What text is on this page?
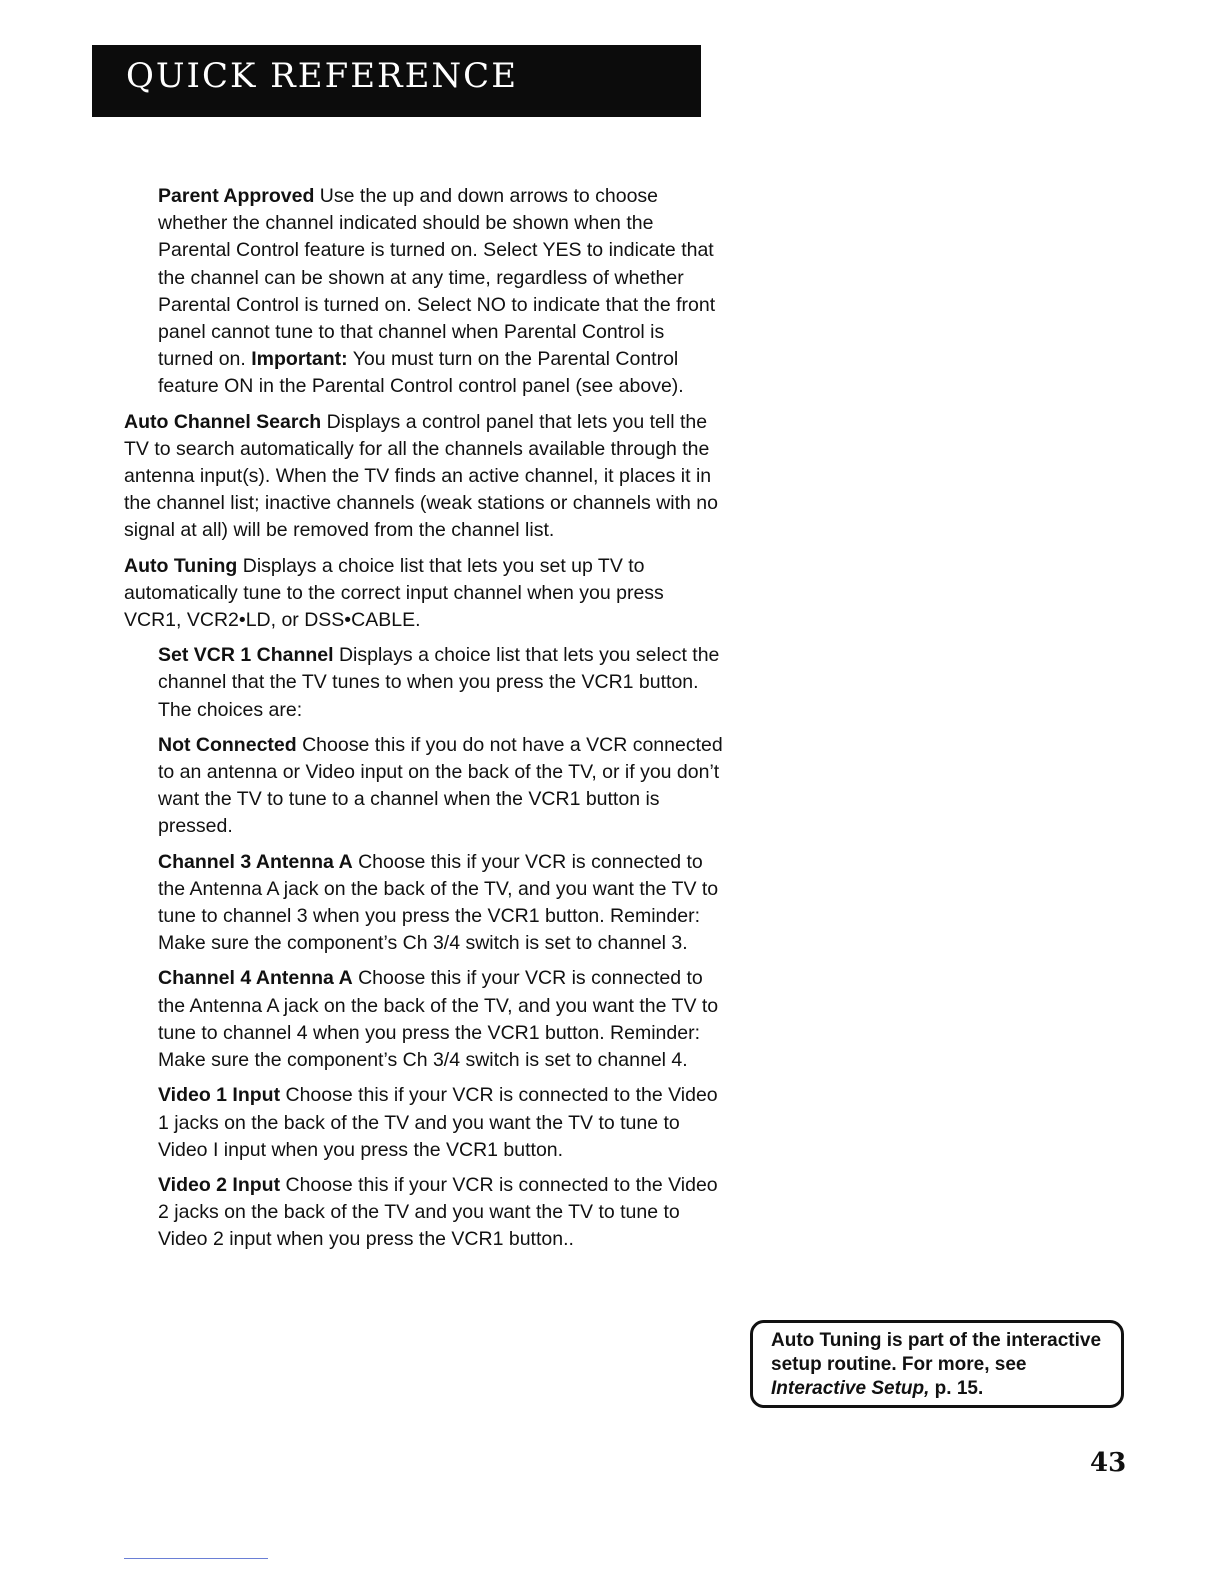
QUICK REFERENCE

Parent Approved Use the up and down arrows to choose whether the channel indicated should be shown when the Parental Control feature is turned on. Select YES to indicate that the channel can be shown at any time, regardless of whether Parental Control is turned on. Select NO to indicate that the front panel cannot tune to that channel when Parental Control is turned on. Important: You must turn on the Parental Control feature ON in the Parental Control control panel (see above).

Auto Channel Search Displays a control panel that lets you tell the TV to search automatically for all the channels available through the antenna input(s). When the TV finds an active channel, it places it in the channel list; inactive channels (weak stations or channels with no signal at all) will be removed from the channel list.

Auto Tuning Displays a choice list that lets you set up TV to automatically tune to the correct input channel when you press VCR1, VCR2•LD, or DSS•CABLE.

Set VCR 1 Channel Displays a choice list that lets you select the channel that the TV tunes to when you press the VCR1 button. The choices are:

Not Connected Choose this if you do not have a VCR connected to an antenna or Video input on the back of the TV, or if you don’t want the TV to tune to a channel when the VCR1 button is pressed.

Channel 3 Antenna A Choose this if your VCR is connected to the Antenna A jack on the back of the TV, and you want the TV to tune to channel 3 when you press the VCR1 button. Reminder: Make sure the component’s Ch 3/4 switch is set to channel 3.

Channel 4 Antenna A Choose this if your VCR is connected to the Antenna A jack on the back of the TV, and you want the TV to tune to channel 4 when you press the VCR1 button. Reminder: Make sure the component’s Ch 3/4 switch is set to channel 4.

Video 1 Input Choose this if your VCR is connected to the Video 1 jacks on the back of the TV and you want the TV to tune to Video I input when you press the VCR1 button.

Video 2 Input Choose this if your VCR is connected to the Video 2 jacks on the back of the TV and you want the TV to tune to Video 2 input when you press the VCR1 button..

Auto Tuning is part of the interactive setup routine. For more, see Interactive Setup, p. 15.
43
